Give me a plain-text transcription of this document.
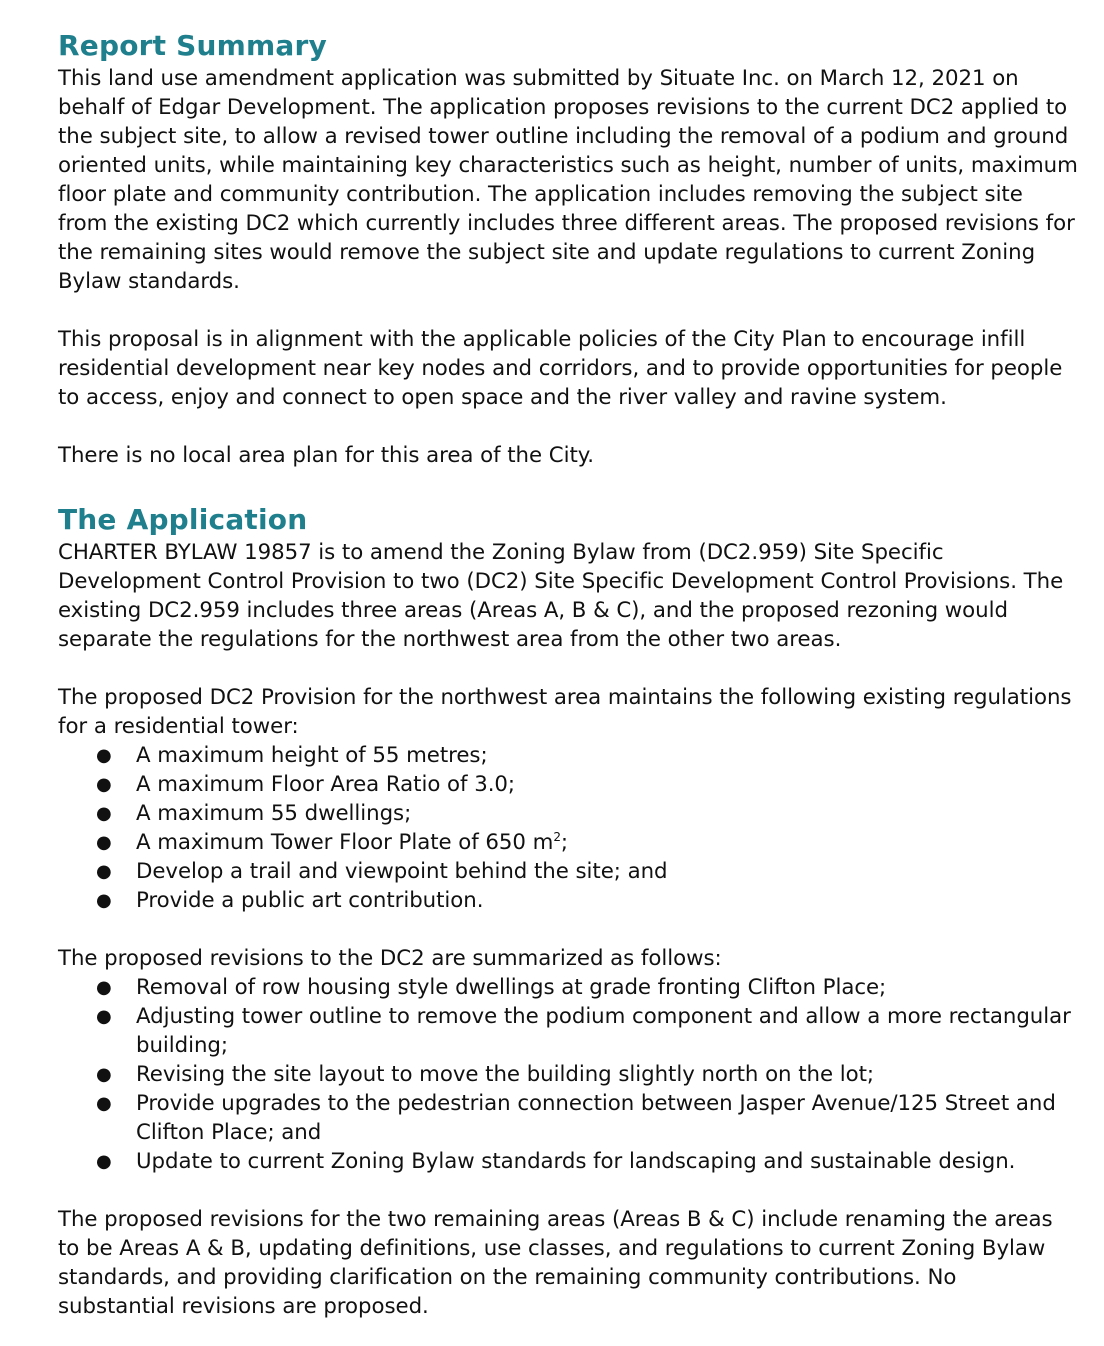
Report Summary

This land use amendment application was submitted by Situate Inc. on March 12, 2021 on behalf of Edgar Development. The application proposes revisions to the current DC2 applied to the subject site, to allow a revised tower outline including the removal of a podium and ground oriented units, while maintaining key characteristics such as height, number of units, maximum floor plate and community contribution. The application includes removing the subject site from the existing DC2 which currently includes three different areas. The proposed revisions for the remaining sites would remove the subject site and update regulations to current Zoning Bylaw standards.

This proposal is in alignment with the applicable policies of the City Plan to encourage infill residential development near key nodes and corridors, and to provide opportunities for people to access, enjoy and connect to open space and the river valley and ravine system.

There is no local area plan for this area of the City.

The Application

CHARTER BYLAW 19857 is to amend the Zoning Bylaw from (DC2.959) Site Specific Development Control Provision to two (DC2) Site Specific Development Control Provisions. The existing DC2.959 includes three areas (Areas A, B & C), and the proposed rezoning would separate the regulations for the northwest area from the other two areas.

The proposed DC2 Provision for the northwest area maintains the following existing regulations for a residential tower:

● A maximum height of 55 metres;
● A maximum Floor Area Ratio of 3.0;
● A maximum 55 dwellings;
● A maximum Tower Floor Plate of 650 $m^2$;
● Develop a trail and viewpoint behind the site; and
● Provide a public art contribution.

The proposed revisions to the DC2 are summarized as follows:

● Removal of row housing style dwellings at grade fronting Clifton Place;
● Adjusting tower outline to remove the podium component and allow a more rectangular building;
● Revising the site layout to move the building slightly north on the lot;
● Provide upgrades to the pedestrian connection between Jasper Avenue/125 Street and Clifton Place; and
● Update to current Zoning Bylaw standards for landscaping and sustainable design.

The proposed revisions for the two remaining areas (Areas B & C) include renaming the areas to be Areas A & B, updating definitions, use classes, and regulations to current Zoning Bylaw standards, and providing clarification on the remaining community contributions. No substantial revisions are proposed.
